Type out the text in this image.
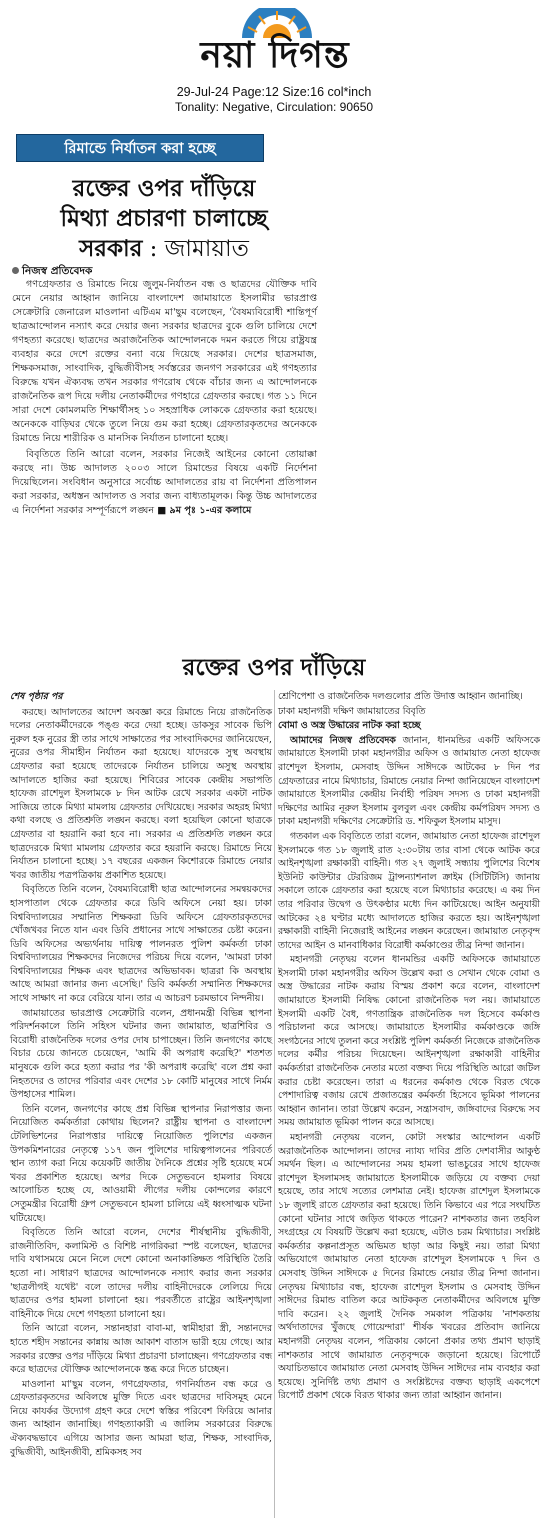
নয়া দিগন্ত
29-Jul-24 Page:12 Size:16 col*inch
Tonality: Negative, Circulation: 90650
রিমান্ডে নির্যাতন করা হচ্ছে
রক্তের ওপর দাঁড়িয়ে
মিথ্যা প্রচারণা চালাচ্ছে
সরকার : জামায়াত
নিজস্ব প্রতিবেদক

গণগ্রেফতার ও রিমান্ডে নিয়ে জুলুম-নির্যাতন বন্ধ ও ছাত্রদের যৌক্তিক দাবি মেনে নেয়ার আহ্বান জানিয়ে বাংলাদেশ জামায়াতে ইসলামীর ভারপ্রাপ্ত সেক্রেটারি জেনারেল মাওলানা এটিএম মা'ছুম বলেছেন, 'বৈষম্যবিরোধী শান্তিপূর্ণ ছাত্রআন্দোলন নস্যাৎ করে দেয়ার জন্য সরকার ছাত্রদের বুকে গুলি চালিয়ে দেশে গণহত্যা করেছে। ছাত্রদের অরাজনৈতিক আন্দোলনকে দমন করতে গিয়ে রাষ্ট্রযন্ত্র ব্যবহার করে দেশে রক্তের বন্যা বয়ে দিয়েছে সরকার। দেশের ছাত্রসমাজ, শিক্ষকসমাজ, সাংবাদিক, বুদ্ধিজীবীসহ সর্বস্তরের জনগণ সরকারের এই গণহত্যার বিরুদ্ধে যখন ঐক্যবদ্ধ তখন সরকার গণরোষ থেকে বাঁচার জন্য এ আন্দোলনকে রাজনৈতিক রূপ দিয়ে দলীয় নেতাকর্মীদের গণহারে গ্রেফতার করছে। গত ১১ দিনে সারা দেশে কোমলমতি শিক্ষার্থীসহ ১০ সহস্রাধিক লোককে গ্রেফতার করা হয়েছে। অনেককে বাড়িঘর থেকে তুলে নিয়ে গুম করা হচ্ছে। গ্রেফতারকৃতদের অনেককে রিমান্ডে নিয়ে শারীরিক ও মানসিক নির্যাতন চালানো হচ্ছে।

বিবৃতিতে তিনি আরো বলেন, সরকার নিজেই আইনের কোনো তোয়াক্কা করছে না। উচ্চ আদালত ২০০৩ সালে রিমান্ডের বিষয়ে একটি নির্দেশনা দিয়েছিলেন। সংবিধান অনুসারে সর্বোচ্চ আদালতের রায় বা নির্দেশনা প্রতিপালন করা সরকার, অধস্তন আদালত ও সবার জন্য বাধ্যতামূলক। কিন্তু উচ্চ আদালতের এ নির্দেশনা সরকার সম্পূর্ণরূপে লঙ্ঘন ■ ৯ম পৃঃ ১-এর কলামে

রক্তের ওপর দাঁড়িয়ে

শেষ পৃষ্ঠার পর

করছে। আদালতের আদেশ অবজ্ঞা করে রিমান্ডে নিয়ে রাজনৈতিক দলের নেতাকর্মীদেরকে পঙ্গু করে দেয়া হচ্ছে। ডাকসুর সাবেক ভিপি নুরুল হক নুরের স্ত্রী তার সাথে সাক্ষাতের পর সাংবাদিকদের জানিয়েছেন, নুরের ওপর সীমাহীন নির্যাতন করা হয়েছে। যাদেরকে সুস্থ অবস্থায় গ্রেফতার করা হয়েছে তাদেরকে নির্যাতন চালিয়ে অসুস্থ অবস্থায় আদালতে হাজির করা হয়েছে। শিবিরের সাবেক কেন্দ্রীয় সভাপতি হাফেজ রাশেদুল ইসলামকে ৮ দিন আটক রেখে সরকার একটা নাটক সাজিয়ে তাকে মিথ্যা মামলায় গ্রেফতার দেখিয়েছে। সরকার অহরহ মিথ্যা কথা বলছে ও প্রতিশ্রুতি লঙ্ঘন করছে। বলা হয়েছিল কোনো ছাত্রকে গ্রেফতার বা হয়রানি করা হবে না। সরকার এ প্রতিশ্রুতি লঙ্ঘন করে ছাত্রদেরকে মিথ্যা মামলায় গ্রেফতার করে হয়রানি করছে। রিমান্ডে নিয়ে নির্যাতন চালানো হচ্ছে। ১৭ বছরের একজন কিশোরকে রিমান্ডে নেয়ার খবর জাতীয় পত্রপত্রিকায় প্রকাশিত হয়েছে।

বিবৃতিতে তিনি বলেন, বৈষম্যবিরোধী ছাত্র আন্দোলনের সমন্বয়কদের হাসপাতাল থেকে গ্রেফতার করে ডিবি অফিসে নেয়া হয়। ঢাকা বিশ্ববিদ্যালয়ের সম্মানিত শিক্ষকরা ডিবি অফিসে গ্রেফতারকৃতদের খোঁজখবর নিতে যান এবং ডিবি প্রধানের সাথে সাক্ষাতের চেষ্টা করেন। ডিবি অফিসের অভ্যর্থনায় দায়িত্ব পালনরত পুলিশ কর্মকর্তা ঢাকা বিশ্ববিদ্যালয়ের শিক্ষকদের নিজেদের পরিচয় দিয়ে বলেন, 'আমরা ঢাকা বিশ্ববিদ্যালয়ের শিক্ষক এবং ছাত্রদের অভিভাবক। ছাত্ররা কি অবস্থায় আছে আমরা জানার জন্য এসেছি।' ডিবি কর্মকর্তা সম্মানিত শিক্ষকদের সাথে সাক্ষাৎ না করে বেরিয়ে যান। তার এ আচরণ চরমভাবে নিন্দনীয়।

জামায়াতের ভারপ্রাপ্ত সেক্রেটারি বলেন, প্রধানমন্ত্রী বিভিন্ন স্থাপনা পরিদর্শনকালে তিনি সহিংস ঘটনার জন্য জামায়াত, ছাত্রশিবির ও বিরোধী রাজনৈতিক দলের ওপর দোষ চাপাচ্ছেন। তিনি জনগণের কাছে বিচার চেয়ে জানতে চেয়েছেন, 'আমি কী অপরাধ করেছি?' শতশত মানুষকে গুলি করে হত্যা করার পর 'কী অপরাধ করেছি' বলে প্রশ্ন করা নিহতদের ও তাদের পরিবার এবং দেশের ১৮ কোটি মানুষের সাথে নির্মম উপহাসের শামিল।

তিনি বলেন, জনগণের কাছে প্রশ্ন বিভিন্ন স্থাপনার নিরাপত্তার জন্য নিয়োজিত কর্মকর্তারা কোথায় ছিলেন? রাষ্ট্রীয় স্থাপনা ও বাংলাদেশ টেলিভিশনের নিরাপত্তার দায়িত্বে নিয়োজিত পুলিশের একজন উপকমিশনারের নেতৃত্বে ১১৭ জন পুলিশের দায়িত্বপালনের পরিবর্তে স্থান ত্যাগ করা নিয়ে কয়েকটি জাতীয় দৈনিকে প্রশ্নের সৃষ্টি হয়েছে মর্মে খবর প্রকাশিত হয়েছে। অপর দিকে সেতুভবনে হামলার বিষয়ে আলোচিত হচ্ছে যে, আওয়ামী লীগের দলীয় কোন্দলের কারণে সেতুমন্ত্রীর বিরোধী গ্রুপ সেতুভবনে হামলা চালিয়ে এই ধ্বংসাত্মক ঘটনা ঘটিয়েছে।

বিবৃতিতে তিনি আরো বলেন, দেশের শীর্ষস্থানীয় বুদ্ধিজীবী, রাজনীতিবিদ, কলামিস্ট ও বিশিষ্ট নাগরিকরা স্পষ্ট বলেছেন, ছাত্রদের দাবি যথাসময়ে মেনে নিলে দেশে কোনো অনাকাঙ্ক্ষিত পরিস্থিতি তৈরি হতো না। সাধারণ ছাত্রদের আন্দোলনকে নস্যাৎ করার জন্য সরকার 'ছাত্রলীগই যথেষ্ট' বলে তাদের দলীয় বাহিনীদেরকে লেলিয়ে দিয়ে ছাত্রদের ওপর হামলা চালানো হয়। পরবর্তীতে রাষ্ট্রের আইনশৃঙ্খলা বাহিনীকে দিয়ে দেশে গণহত্যা চালানো হয়।

তিনি আরো বলেন, সন্তানহারা বাবা-মা, স্বামীহারা স্ত্রী, সন্তানদের হাতে শহীদ সন্তানের কান্নায় আজ আকাশ বাতাস ভারী হয়ে গেছে। আর সরকার রক্তের ওপর দাঁড়িয়ে মিথ্যা প্রচারণা চালাচ্ছেন। গণগ্রেফতার বন্ধ করে ছাত্রদের যৌক্তিক আন্দোলনকে স্তব্ধ করে দিতে চাচ্ছেন।

মাওলানা মা'ছুম বলেন, গণগ্রেফতার, গণনির্যাতন বন্ধ করে ও গ্রেফতারকৃতদের অবিলম্বে মুক্তি দিতে এবং ছাত্রদের দাবিসমূহ মেনে নিয়ে কাযর্কর উদ্যোগ গ্রহণ করে দেশে স্বস্তির পরিবেশ ফিরিয়ে আনার জন্য আহ্বান জানাচ্ছি। গণহত্যাকারী এ জালিম সরকারের বিরুদ্ধে ঐক্যবদ্ধভাবে এগিয়ে আসার জন্য আমরা ছাত্র, শিক্ষক, সাংবাদিক, বুদ্ধিজীবী, আইনজীবী, শ্রমিকসহ সব

শ্রেণিপেশা ও রাজনৈতিক দলগুলোর প্রতি উদাত্ত আহ্বান জানাচ্ছি।

ঢাকা মহানগরী দক্ষিণ জামায়াতের বিবৃতি

বোমা ও অস্ত্র উদ্ধারের নাটক করা হচ্ছে

আমাদের নিজস্ব প্রতিবেদক জানান, ধানমন্ডির একটি অফিসকে জামায়াতে ইসলামী ঢাকা মহানগরীর অফিস ও জামায়াত নেতা হাফেজ রাশেদুল ইসলাম, মেসবাহ উদ্দিন সাঈদকে আটকের ৮ দিন পর গ্রেফতারের নামে মিথ্যাচার, রিমান্ডে নেয়ার নিন্দা জানিয়েছেন বাংলাদেশ জামায়াতে ইসলামীর কেন্দ্রীয় নির্বাহী পরিষদ সদস্য ও ঢাকা মহানগরী দক্ষিণের আমির নূরুল ইসলাম বুলবুল এবং কেন্দ্রীয় কর্মপরিষদ সদস্য ও ঢাকা মহানগরী দক্ষিণের সেক্রেটারি ড. শফিকুল ইসলাম মাসুদ।

গতকাল এক বিবৃতিতে তারা বলেন, জামায়াত নেতা হাফেজ রাশেদুল ইসলামকে গত ১৮ জুলাই রাত ২:৩০টায় তার বাসা থেকে আটক করে আইনশৃঙ্খলা রক্ষাকারী বাহিনী। গত ২৭ জুলাই সন্ধ্যায় পুলিশের বিশেষ ইউনিট কাউন্টার টেররিজম ট্রান্সন্যাশনাল ক্রাইম (সিটিটিসি) জানায় সকালে তাকে গ্রেফতার করা হয়েছে বলে মিথ্যাচার করেছে। এ কয় দিন তার পরিবার উদ্বেগ ও উৎকণ্ঠার মধ্যে দিন কাটিয়েছে। আইন অনুযায়ী আটকের ২৪ ঘণ্টার মধ্যে আদালতে হাজির করতে হয়। আইনশৃঙ্খলা রক্ষাকারী বাহিনী নিজেরাই আইনের লঙ্ঘন করেছেন। জামায়াত নেতৃবৃন্দ তাদের আইন ও মানবাধিকার বিরোধী কর্মকাণ্ডের তীব্র নিন্দা জানান।

মহানগরী নেতৃদ্বয় বলেন ধানমন্ডির একটি অফিসকে জামায়াতে ইসলামী ঢাকা মহানগরীর অফিস উল্লেখ করা ও সেখান থেকে বোমা ও অস্ত্র উদ্ধারের নাটক করায় বিস্ময় প্রকাশ করে বলেন, বাংলাদেশ জামায়াতে ইসলামী নিষিদ্ধ কোনো রাজনৈতিক দল নয়। জামায়াতে ইসলামী একটি বৈধ, গণতান্ত্রিক রাজনৈতিক দল হিসেবে কর্মকাণ্ড পরিচালনা করে আসছে। জামায়াতে ইসলামীর কর্মকাণ্ডকে জঙ্গি সংগঠনের সাথে তুলনা করে সংশ্লিষ্ট পুলিশ কর্মকর্তা নিজেকে রাজনৈতিক দলের কর্মীর পরিচয় দিয়েছেন। আইনশৃঙ্খলা রক্ষাকারী বাহিনীর কর্মকর্তারা রাজনৈতিক নেতার মতো বক্তব্য দিয়ে পরিস্থিতি আরো জটিল করার চেষ্টা করেছেন। তারা এ ধরনের কর্মকাণ্ড থেকে বিরত থেকে পেশাদারিত্ব বজায় রেখে প্রজাতন্ত্রের কর্মকর্তা হিসেবে ভূমিকা পালনের আহ্বান জানান। তারা উল্লেখ করেন, সন্ত্রাসবাদ, জঙ্গিবাদের বিরুদ্ধে সব সময় জামায়াত ভূমিকা পালন করে আসছে।

মহানগরী নেতৃদ্বয় বলেন, কোটা সংস্কার আন্দোলন একটি অরাজনৈতিক আন্দোলন। তাদের ন্যায্য দাবির প্রতি দেশবাসীর আকুণ্ঠ সমর্থন ছিল। এ আন্দোলনের সময় হামলা ভাঙচুরের সাথে হাফেজ রাশেদুল ইসলামসহ জামায়াতে ইসলামীকে জড়িয়ে যে বক্তব্য দেয়া হয়েছে, তার সাথে সত্যের লেশমাত্র নেই। হাফেজ রাশেদুল ইসলামকে ১৮ জুলাই রাতে গ্রেফতার করা হয়েছে। তিনি কিভাবে এর পরে সংঘটিত কোনো ঘটনার সাথে জড়িত থাকতে পারেন? নাশকতার জন্য তহবিল সংগ্রহের যে বিষয়টি উল্লেখ করা হয়েছে, এটাও চরম মিথ্যাচার। সংশ্লিষ্ট কর্মকর্তার কল্পনাপ্রসূত অভিমত ছাড়া আর কিছুই নয়। তারা মিথ্যা অভিযোগে জামায়াত নেতা হাফেজ রাশেদুল ইসলামকে ৭ দিন ও মেসবাহ উদ্দিন সাঈদকে ৫ দিনের রিমান্ডে নেয়ার তীব্র নিন্দা জানান। নেতৃদ্বয় মিথ্যাচার বন্ধ, হাফেজ রাশেদুল ইসলাম ও মেসবাহ উদ্দিন সাঈদের রিমান্ড বাতিল করে আটককৃত নেতাকর্মীদের অবিলম্বে মুক্তি দাবি করেন। ২২ জুলাই দৈনিক সমকাল পত্রিকায় 'নাশকতায় অর্থদাতাদের খুঁজছে গোয়েন্দারা' শীর্ষক খবরের প্রতিবাদ জানিয়ে মহানগরী নেতৃদ্বয় বলেন, পত্রিকায় কোনো প্রকার তথ্য প্রমাণ ছাড়াই নাশকতার সাথে জামায়াত নেতৃবৃন্দকে জড়ানো হয়েছে। রিপোর্টে অযাচিতভাবে জামায়াত নেতা মেসবাহ উদ্দিন সাঈদের নাম ব্যবহার করা হয়েছে। সুনির্দিষ্ট তথ্য প্রমাণ ও সংশ্লিষ্টদের বক্তব্য ছাড়াই একপেশে রিপোর্ট প্রকাশ থেকে বিরত থাকার জন্য তারা আহ্বান জানান।
